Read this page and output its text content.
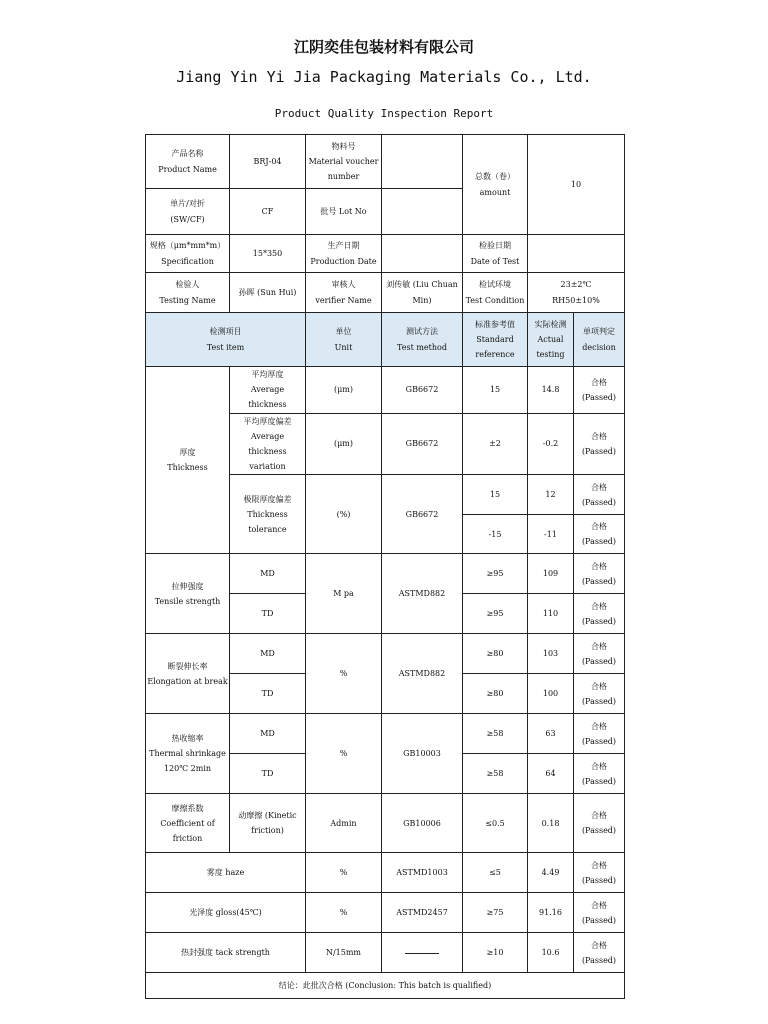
江阴奕佳包装材料有限公司
Jiang Yin Yi Jia Packaging Materials Co., Ltd.
Product Quality Inspection Report
产品名称
Product Name	BRJ-04	物料号
Material voucher number		总数（卷）
amount	10	

单片/对折
(SW/CF)	CF	批号 Lot No				

规格（μm*mm*m）
Specification	15*350	生产日期
Production Date		检验日期
Date of Test		

检验人
Testing Name	孙晖 (Sun Hui)	审核人
verifier Name	刘传敏 (Liu Chuan Min)	检试环境
Test Condition	23±2℃
RH50±10%	

检测项目
Test item		单位
Unit	测试方法
Test method	标准参考值
Standard reference	实际检测
Actual testing	单项判定
decision

厚度
Thickness	平均厚度
Average thickness	(μm)	GB6672	15	14.8	合格
(Passed)

	平均厚度偏差
Average thickness variation	(μm)	GB6672	±2	-0.2	合格
(Passed)

	极限厚度偏差
Thickness tolerance	(%)	GB6672	15	12	合格
(Passed)

				-15	-11	合格
(Passed)

拉伸强度
Tensile strength	MD	M pa	ASTMD882	≥95	109	合格
(Passed)

	TD			≥95	110	合格
(Passed)

断裂伸长率
Elongation at break	MD	%	ASTMD882	≥80	103	合格
(Passed)

	TD			≥80	100	合格
(Passed)

热收缩率
Thermal shrinkage
120℃ 2min	MD	%	GB10003	≥58	63	合格
(Passed)

	TD			≥58	64	合格
(Passed)

摩擦系数
Coefficient of
friction	动摩擦 (Kinetic friction)	Admin	GB10006	≤0.5	0.18	合格
(Passed)

雾度 haze		%	ASTMD1003	≤5	4.49	合格
(Passed)

光泽度 gloss(45℃)		%	ASTMD2457	≥75	91.16	合格
(Passed)

热封强度 tack strength		N/15mm		≥10	10.6	合格
(Passed)

结论：此批次合格 (Conclusion: This batch is qualified)						
